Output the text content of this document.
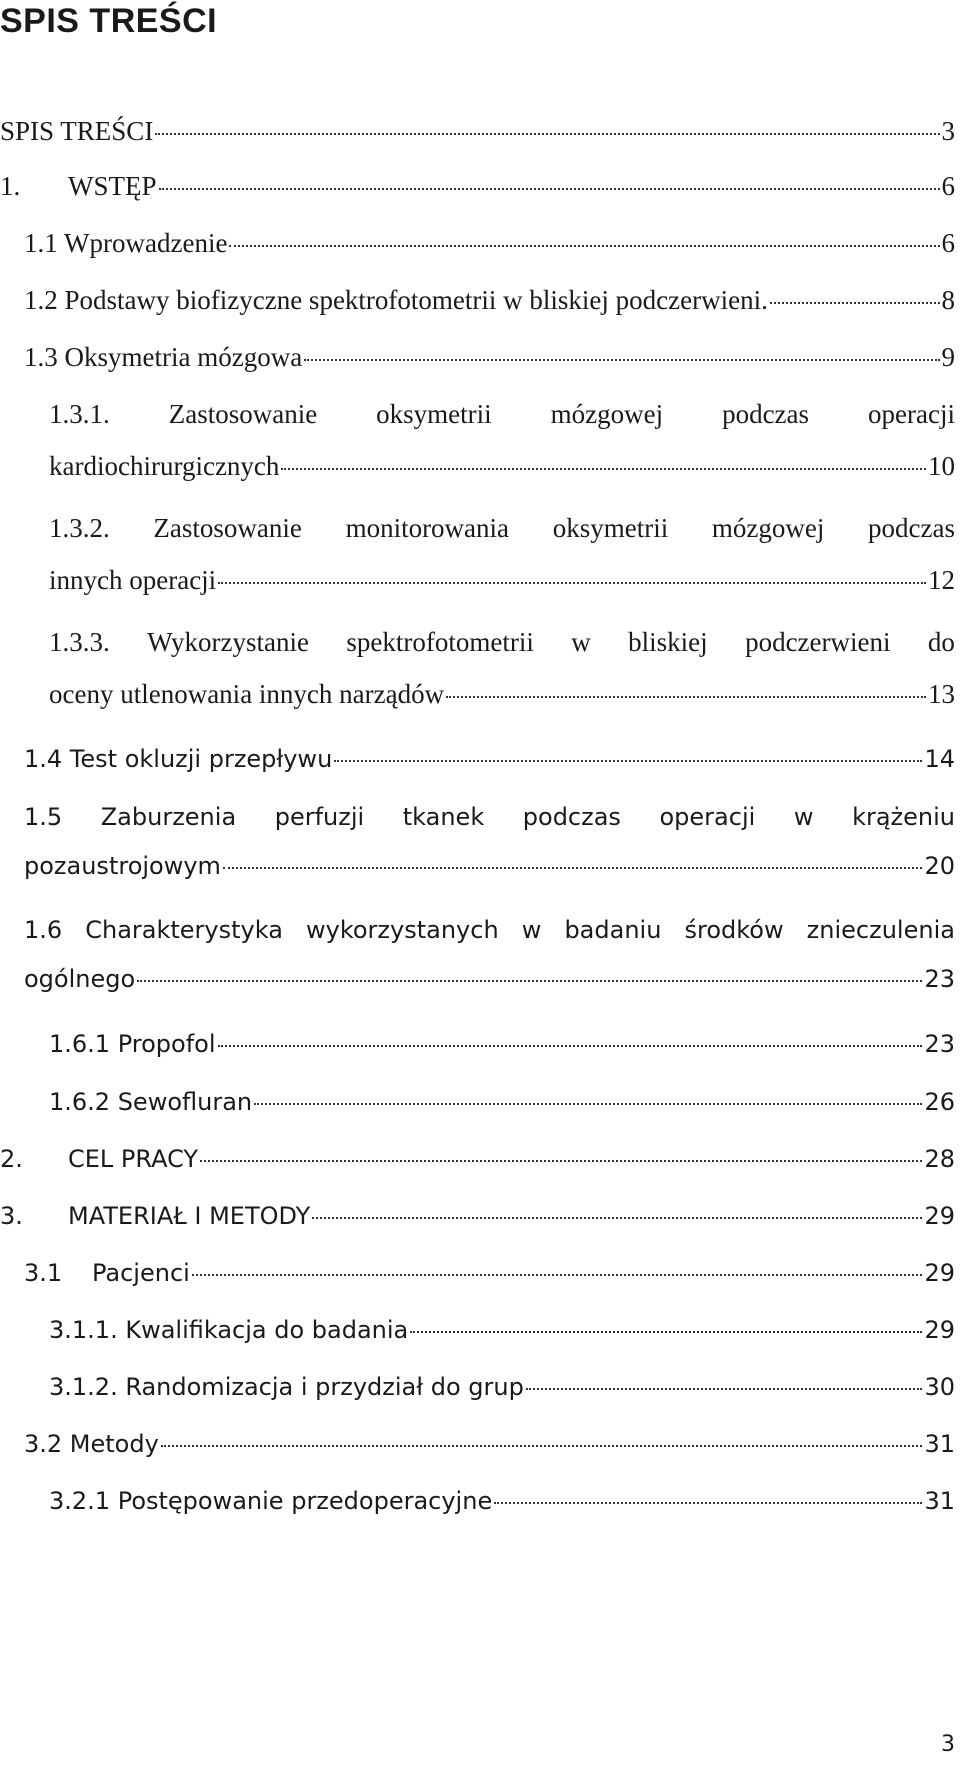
SPIS TREŚCI
SPIS TREŚCI	3
1.	WSTĘP	6
1.1 Wprowadzenie	6
1.2 Podstawy biofizyczne spektrofotometrii w bliskiej podczerwieni.	8
1.3 Oksymetria mózgowa	9
1.3.1. Zastosowanie oksymetrii mózgowej podczas operacji
kardiochirurgicznych	10
1.3.2. Zastosowanie monitorowania oksymetrii mózgowej podczas
innych operacji	12
1.3.3. Wykorzystanie spektrofotometrii w bliskiej podczerwieni do
oceny utlenowania innych narządów	13
1.4 Test okluzji przepływu	14
1.5 Zaburzenia perfuzji tkanek podczas operacji w krążeniu
pozaustrojowym	20
1.6 Charakterystyka wykorzystanych w badaniu środków znieczulenia
ogólnego	23
1.6.1 Propofol	23
1.6.2 Sewofluran	26
2.	CEL PRACY	28
3.	MATERIAŁ I METODY	29
3.1	Pacjenci	29
3.1.1. Kwalifikacja do badania	29
3.1.2. Randomizacja i przydział do grup	30
3.2 Metody	31
3.2.1 Postępowanie przedoperacyjne	31
3
